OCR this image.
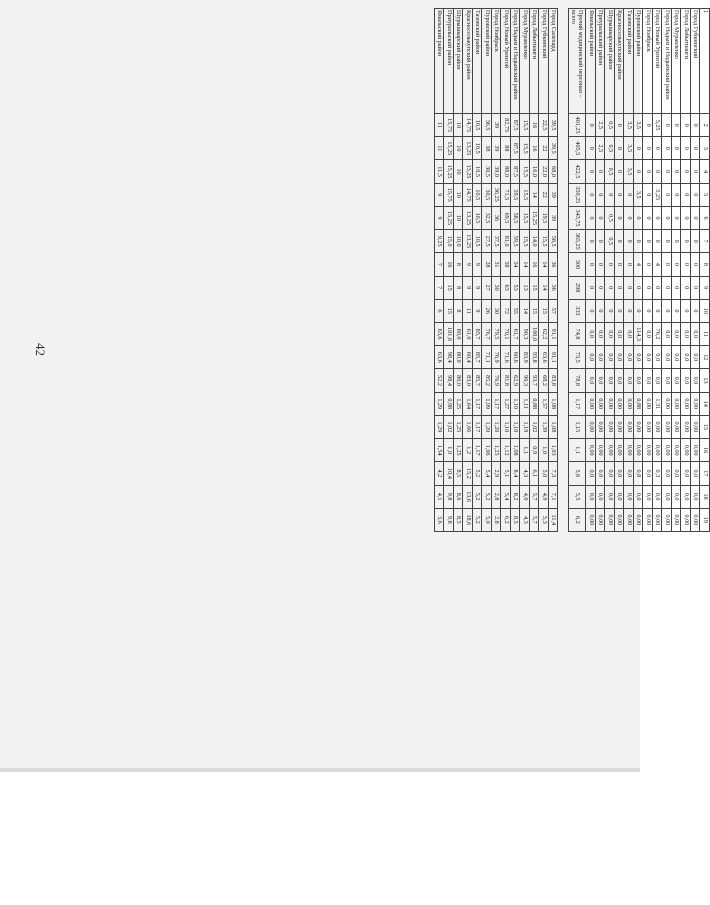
42
1	2	3	4	5	6	7	8	9	10	11	12	13	14	15	16	17	18	19
Город Губкинский	0	0	0	0	0	0	0	0	0	0,0	0,0	0,0	0,00	0,00	0,00	0,0	0,0	0,00
Город Лабытнанги	0	0	0	0	0	0	0	0	0	0,0	0,0	0,0	0,00	0,00	0,00	0,0	0,0	0,00
Город Муравленко	0	0	0	0	0	0	0	0	0	0,0	0,0	0,0	0,00	0,00	0,00	0,0	0,0	0,00
Город Надым и Надымский район	0	0	0	0	0	0	0	0	0	0,0	0,0	0,0	0,00	0,00	0,00	0,0	0,0	0,00
Город Новый Уренгой	5,25	0	0	5,25	0	0	4	0	0	76,2	0,0	0,0	1,31	0,00	0,00	0,3	0,0	0,00
Город Ноябрьск	0	0	0	0	0	0	0	0	0	0,0	0,0	0,0	0,00	0,00	0,00	0,0	0,0	0,00
Пуровский район	3,5	0	0	3,5	0	0	4	0	0	114,3	0,0	0,0	0,88	0,00	0,00	0,8	0,0	0,00
Тазовский район	3,5	3,5	3,5	0	0	0	0	0	0	0,0	0,0	0,0	0,00	0,00	0,00	0,0	0,0	0,00
Красноселькупский район	0	0	0	0	0	0	0	0	0	0,0	0,0	0,0	0,00	0,00	0,00	0,0	0,0	0,00
Шурышкарский район	0,5	0,5	0,5	0	0,5	0,5	0	0	0	0,0	0,0	0,0	0,00	0,00	0,00	0,0	0,0	0,00
Приуральский район	2,5	2,5	0	0	0	0	0	0	0	0,0	0,0	0,0	0,00	0,00	0,00	0,0	0,0	0,00
Ямальский район	0	0	0	0	0	0	0	0	0	0,0	0,0	0,0	0,00	0,00	0,00	0,0	0,0	0,00
Прочий медицинский персонал – всего	401,25	405,5	422,5	350,25	343,75	365,25	300	298	333	74,8	73,5	78,8	1,17	1,15	1,1	5,6	5,5	6,2

Город Салехард	39,5	39,5	68,0	39	39	58,5	36	36	57	91,1	91,1	83,8	1,08	1,08	1,03	7,3	7,1	11,4
Город Губкинский	22,5	22	22,0	22	19,5	15,5	14	14	15	62,2	63,6	68,2	1,57	1,39	1,0	5,0	4,9	5,3
Город Лабытнанги	16	16	16,0	14	15,25	14,0	16	15	15	100,0	93,8	93,7	0,88	1,02	0,9	6,1	5,7	5,7
Город Муравленко	15,5	15,5	15,5	15,5	15,5	15,5	14	13	14	90,3	83,9	90,3	1,11	1,19	1,1	4,3	4,0	4,3
Город Надым и Надымский район	87,5	87,5	87,5	59,5	58,5	59,5	54	53	55	61,7	60,6	62,9	1,10	1,10	1,08	8,4	8,2	8,5
Город Новый Уренгой	82,75	88	88,0	71,5	69,5	81,0	58	63	72	70,1	71,6	81,8	1,27	1,10	1,12	5,1	5,4	6,2
Город Ноябрьск	39	39	39,0	36,25	36	37,5	31	30	30	79,5	76,9	76,9	1,17	1,20	1,25	2,9	2,8	2,8
Пуровский район	36,5	38	30,5	30,5	32,5	27,5	28	27	26	76,7	71,1	85,2	1,09	1,20	1,06	5,4	5,2	5,0
Тазовский район	10,5	10,5	10,5	10,5	10,5	10,5	9	9	9	85,7	85,7	85,7	1,17	1,17	1,17	5,2	5,2	5,2
Красноселькупский район	14,75	13,25	13,25	14,75	13,25	13,25	9	9	11	61,0	60,4	83,0	1,64	1,66	1,2	15,2	13,6	18,6
Шурышкарский район	10	10	10	10	10	10,0	8	8	8	80,0	80,0	80,0	1,25	1,25	1,25	8,5	8,6	8,5
Приуральский район	15,75	15,25	15,25	15,75	15,25	15,0	16	15	15	101,6	98,4	98,4	0,98	1,02	1,0	10,4	9,8	9,8
Ямальский район	11	11	11,5	9	9	9,25	7	7	6	63,6	63,6	52,2	1,29	1,29	1,54	4,2	4,1	3,6
